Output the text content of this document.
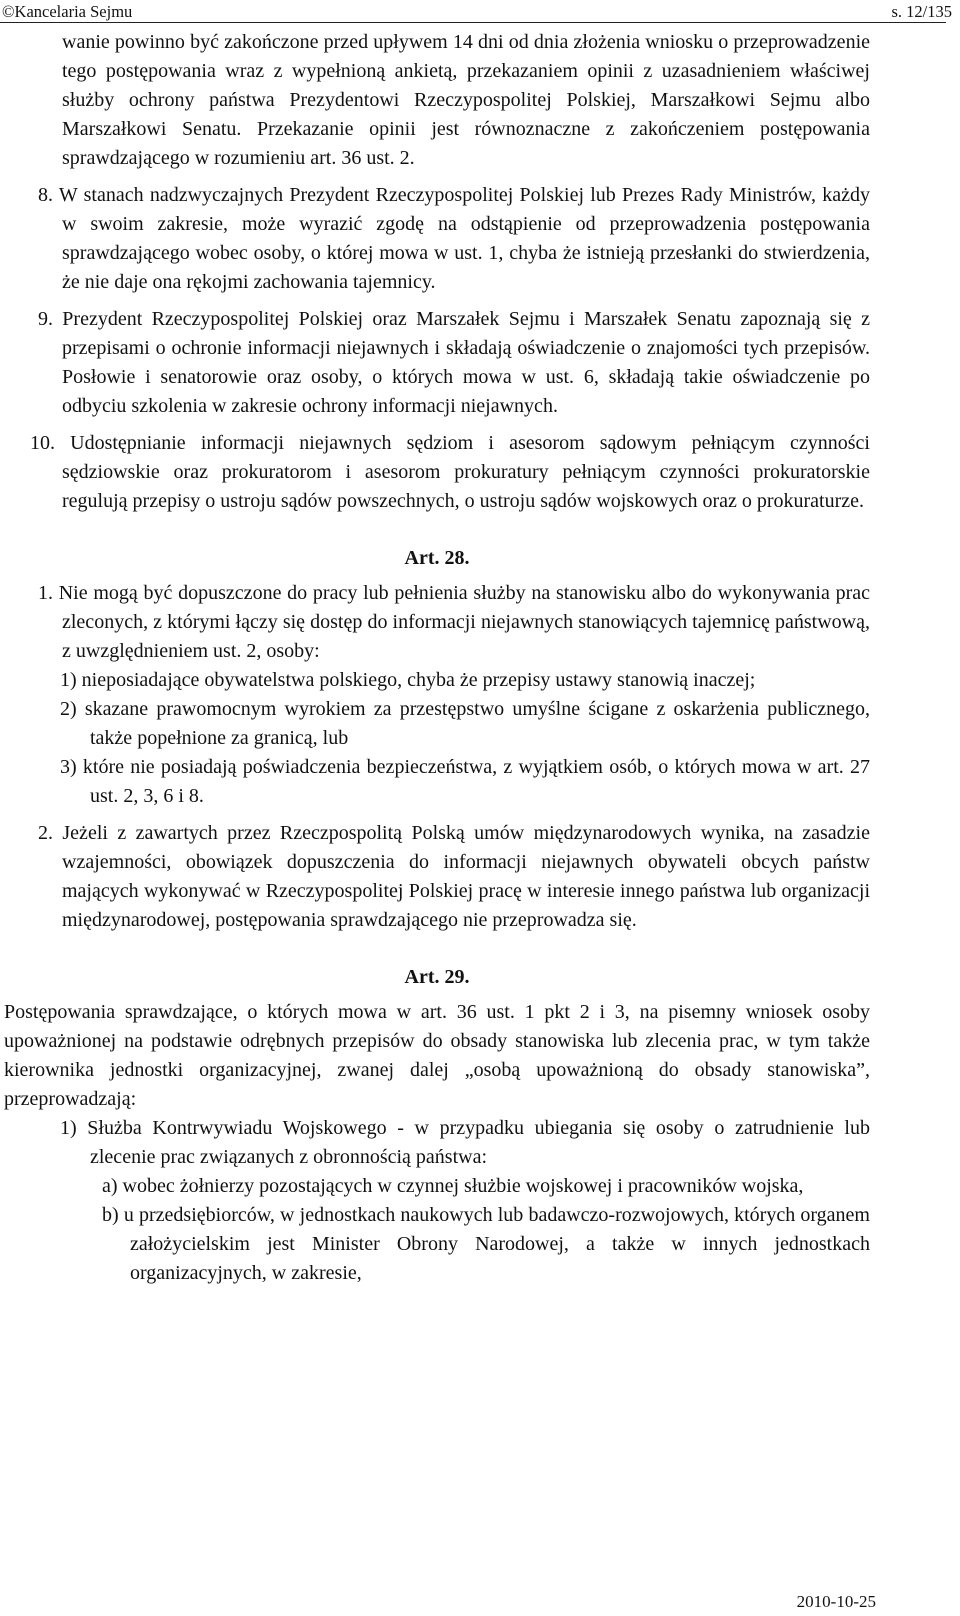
©Kancelaria Sejmu	s. 12/135

wanie powinno być zakończone przed upływem 14 dni od dnia złożenia wniosku o przeprowadzenie tego postępowania wraz z wypełnioną ankietą, przekazaniem opinii z uzasadnieniem właściwej służby ochrony państwa Prezydentowi Rzeczypospolitej Polskiej, Marszałkowi Sejmu albo Marszałkowi Senatu. Przekazanie opinii jest równoznaczne z zakończeniem postępowania sprawdzającego w rozumieniu art. 36 ust. 2.

8. W stanach nadzwyczajnych Prezydent Rzeczypospolitej Polskiej lub Prezes Rady Ministrów, każdy w swoim zakresie, może wyrazić zgodę na odstąpienie od przeprowadzenia postępowania sprawdzającego wobec osoby, o której mowa w ust. 1, chyba że istnieją przesłanki do stwierdzenia, że nie daje ona rękojmi zachowania tajemnicy.

9. Prezydent Rzeczypospolitej Polskiej oraz Marszałek Sejmu i Marszałek Senatu zapoznają się z przepisami o ochronie informacji niejawnych i składają oświadczenie o znajomości tych przepisów. Posłowie i senatorowie oraz osoby, o których mowa w ust. 6, składają takie oświadczenie po odbyciu szkolenia w zakresie ochrony informacji niejawnych.

10. Udostępnianie informacji niejawnych sędziom i asesorom sądowym pełniącym czynności sędziowskie oraz prokuratorom i asesorom prokuratury pełniącym czynności prokuratorskie regulują przepisy o ustroju sądów powszechnych, o ustroju sądów wojskowych oraz o prokuraturze.

Art. 28.

1. Nie mogą być dopuszczone do pracy lub pełnienia służby na stanowisku albo do wykonywania prac zleconych, z którymi łączy się dostęp do informacji niejawnych stanowiących tajemnicę państwową, z uwzględnieniem ust. 2, osoby:

1) nieposiadające obywatelstwa polskiego, chyba że przepisy ustawy stanowią inaczej;

2) skazane prawomocnym wyrokiem za przestępstwo umyślne ścigane z oskarżenia publicznego, także popełnione za granicą, lub

3) które nie posiadają poświadczenia bezpieczeństwa, z wyjątkiem osób, o których mowa w art. 27 ust. 2, 3, 6 i 8.

2. Jeżeli z zawartych przez Rzeczpospolitą Polską umów międzynarodowych wynika, na zasadzie wzajemności, obowiązek dopuszczenia do informacji niejawnych obywateli obcych państw mających wykonywać w Rzeczypospolitej Polskiej pracę w interesie innego państwa lub organizacji międzynarodowej, postępowania sprawdzającego nie przeprowadza się.

Art. 29.

Postępowania sprawdzające, o których mowa w art. 36 ust. 1 pkt 2 i 3, na pisemny wniosek osoby upoważnionej na podstawie odrębnych przepisów do obsady stanowiska lub zlecenia prac, w tym także kierownika jednostki organizacyjnej, zwanej dalej „osobą upoważnioną do obsady stanowiska”, przeprowadzają:

1) Służba Kontrwywiadu Wojskowego - w przypadku ubiegania się osoby o zatrudnienie lub zlecenie prac związanych z obronnością państwa:

a) wobec żołnierzy pozostających w czynnej służbie wojskowej i pracowników wojska,

b) u przedsiębiorców, w jednostkach naukowych lub badawczo-rozwojowych, których organem założycielskim jest Minister Obrony Narodowej, a także w innych jednostkach organizacyjnych, w zakresie,

2010-10-25
